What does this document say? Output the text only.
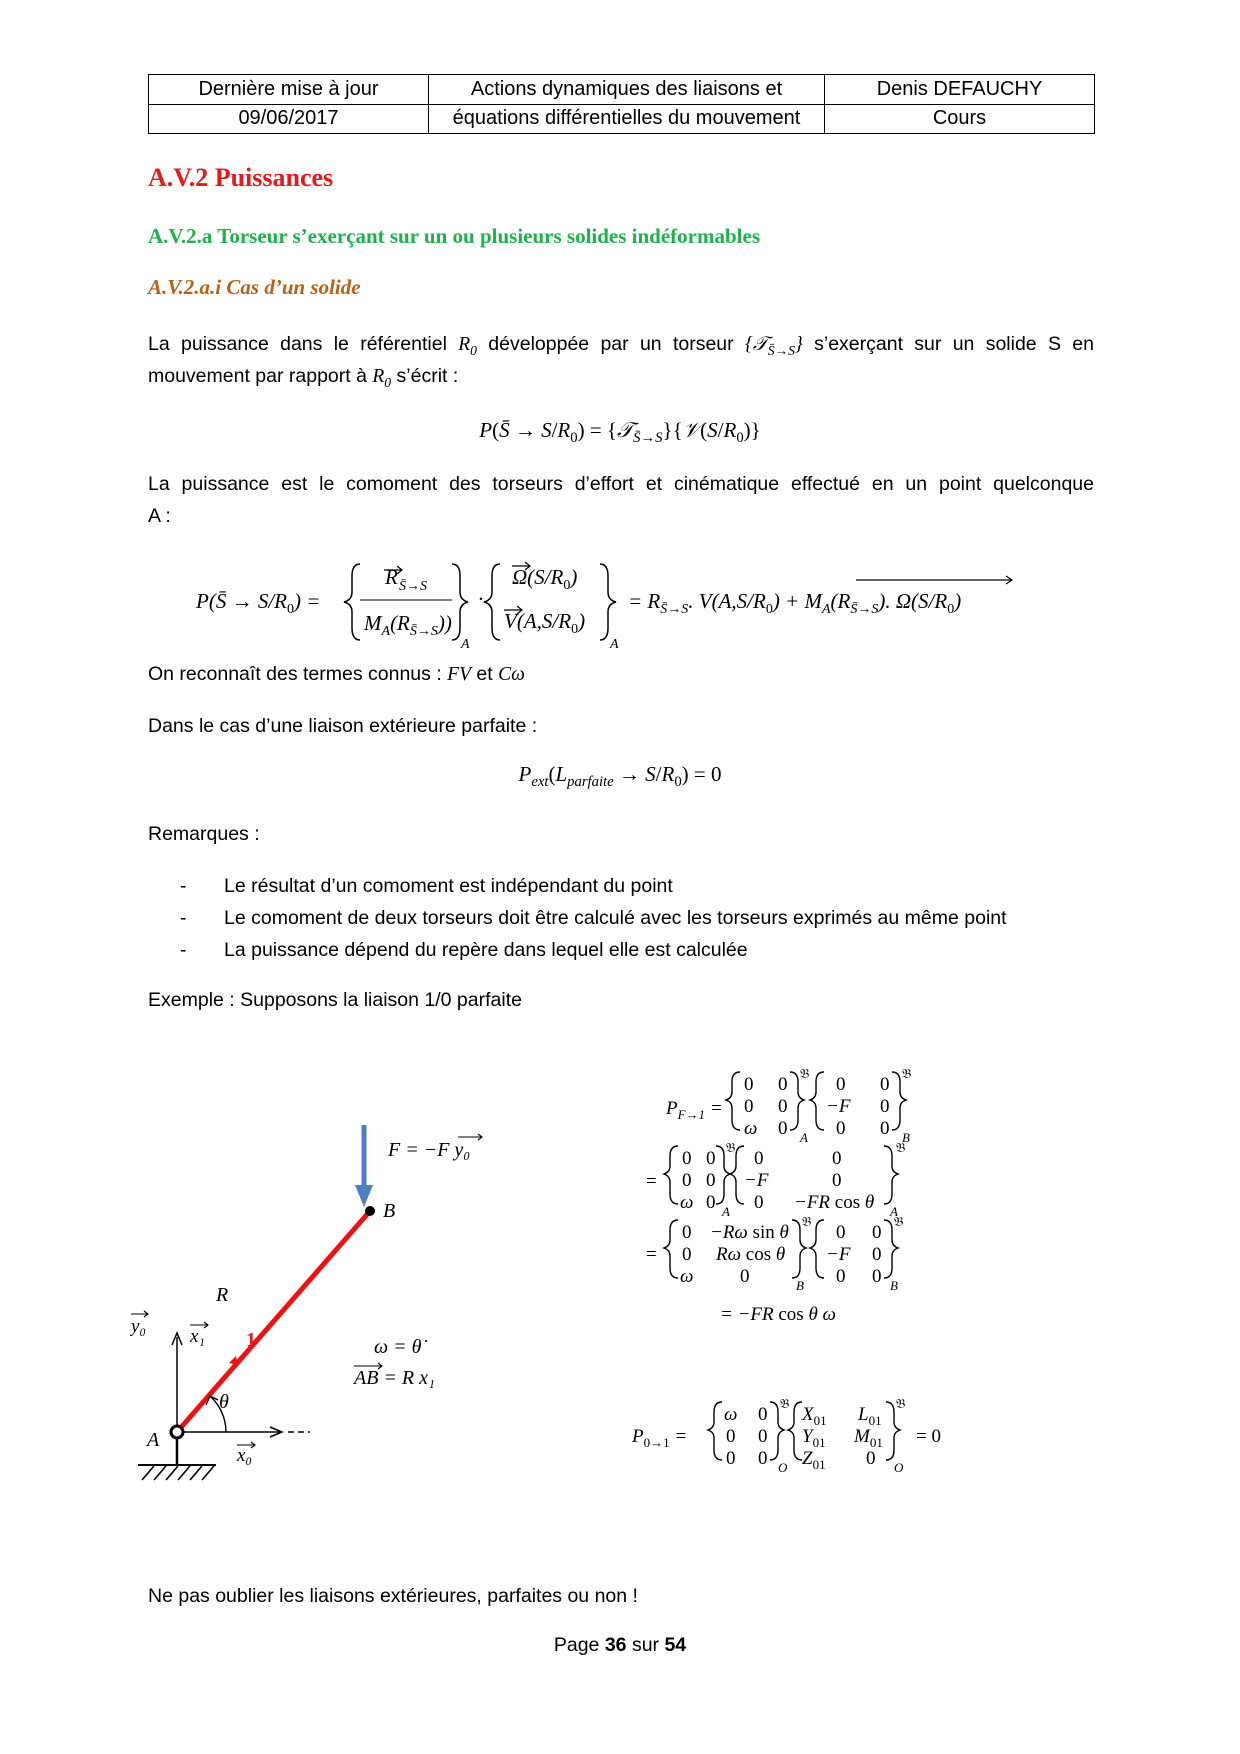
Dernière mise à jour	Actions dynamiques des liaisons et	Denis DEFAUCHY
09/06/2017	équations différentielles du mouvement	Cours
A.V.2 Puissances
A.V.2.a Torseur s’exerçant sur un ou plusieurs solides indéformables
A.V.2.a.i Cas d’un solide
La puissance dans le référentiel $R_0$ développée par un torseur {𝒯$_{S̄\to S}$} s’exerçant sur un solide S en
mouvement par rapport à $R_0$ s’écrit :
P(S̄ → $S/R_0$) = $\{𝒯_{S̄\to S}\}\{𝒱(S/R_0)\}$
La puissance est le comoment des torseurs d’effort et cinématique effectué en un point quelconque
A :
P(S̄ → $S/R_0$) =
R S̄→S
$M_A(R_{S̄\to S})$)
A
·
$\Omega(S/R_0)$
$V(A,S/R_0)$
A
= $R_{S̄\to S}$. $V(A,S/R_0) + M_A(R_{S̄\to S})$. $\Omega(S/R_0)$
On reconnaît des termes connus : FV et Cω
Dans le cas d’une liaison extérieure parfaite :
$P_{ext}(L_{parfaite} \to S/R_0) = 0$
Remarques :
- Le résultat d’un comoment est indépendant du point
- Le comoment de deux torseurs doit être calculé avec les torseurs exprimés au même point
- La puissance dépend du repère dans lequel elle est calculée
Exemple : Supposons la liaison 1/0 parfaite
B
A
R
1
θ
y₀
x₀
x₁
F = −F y₀
ω = θ̇
AB = R x₁
$P_{F\to 1}$ =
0 0
0 0
ω 0
𝔅
A
0 0
−F 0
0 0
𝔅
B
=
0 0
0 0
ω 0
𝔅
A
0	0
−F	0
0 −FR cos θ
𝔅
A
=
0 −Rω sin θ
0 Rω cos θ
ω 0
𝔅
B
0 0
−F 0
0 0
𝔅
B
= −FR cos θ ω
$P_{0\to 1}$ =
ω 0
0 0
0 0
𝔅
O
$X_{01}$ $L_{01}$
$Y_{01}$ $M_{01}$
$Z_{01}$ 0
𝔅
O
= 0
Ne pas oublier les liaisons extérieures, parfaites ou non !
Page 36 sur 54
